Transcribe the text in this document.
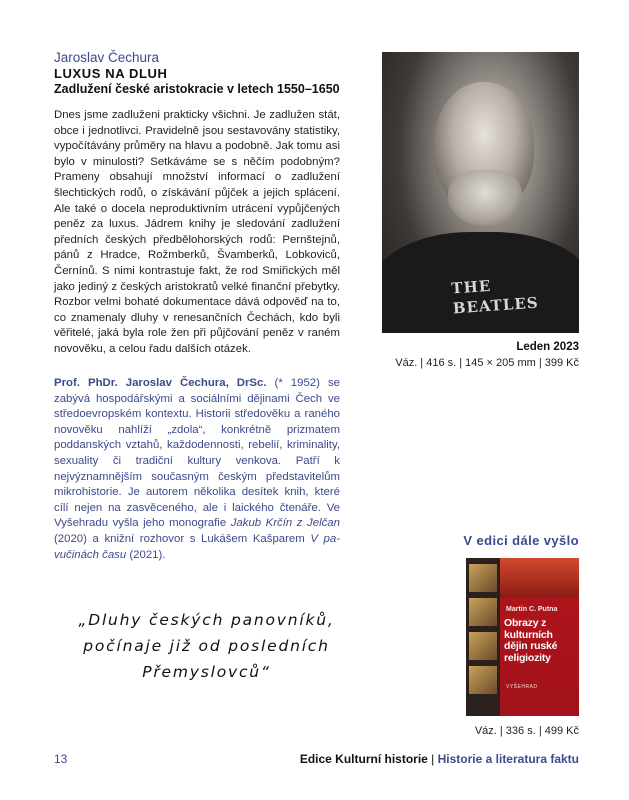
Jaroslav Čechura
LUXUS NA DLUH
Zadlužení české aristokracie v letech 1550–1650
Dnes jsme zadluženi prakticky všichni. Je zadlužen stát, obce i jednotlivci. Pravidelně jsou sestavovány statistiky, vypočítávány průměry na hlavu a podobně. Jak tomu asi bylo v minulosti? Setkáváme se s něčím podobným? Prameny obsahují množství informací o zadlužení šlechtických rodů, o získávání půjček a jejich splácení. Ale také o docela neproduktivním utrácení vypůjčených peněz za luxus. Jádrem knihy je sledování zadlužení předních českých předbělohorských rodů: Pernštejnů, pánů z Hradce, Rožmberků, Švamberků, Lobkoviců, Černínů. S nimi kontrastuje fakt, že rod Smiřických měl jako jediný z českých aristokratů velké finanční přebytky. Rozbor velmi bohaté dokumentace dává odpověď na to, co znamenaly dluhy v renesančních Čechách, kdo byli věřitelé, jaká byla role žen při půjčování peněz v raném novověku, a celou řadu dalších otázek.
Prof. PhDr. Jaroslav Čechura, DrSc. (* 1952) se zabývá hospodářskými a sociálními dějinami Čech ve středoevropském kontextu. Historii středověku a raného novověku nahlíží „zdola“, konkrétně prizmatem poddanských vztahů, každodennosti, rebelií, kriminality, sexuality či tradiční kultury venkova. Patří k nejvýznamnějším současným českým představitelům mikrohistorie. Je autorem několika desítek knih, které cílí nejen na zasvěceného, ale i laického čtenáře. Ve Vyšehradu vyšla jeho monografie Jakub Krčín z Jelčan (2020) a knižní rozhovor s Lukášem Kašparem V pavučinách času (2021).
THE BEATLES
Leden 2023
Váz. | 416 s. | 145 × 205 mm | 399 Kč
„Dluhy českých panovníků, počínaje již od posledních Přemyslovců“
V edici dále vyšlo
Martin C. Putna
Obrazy z kulturních dějin ruské religiozity
VYŠEHRAD
Váz. | 336 s. | 499 Kč
13	Edice Kulturní historie | Historie a literatura faktu
